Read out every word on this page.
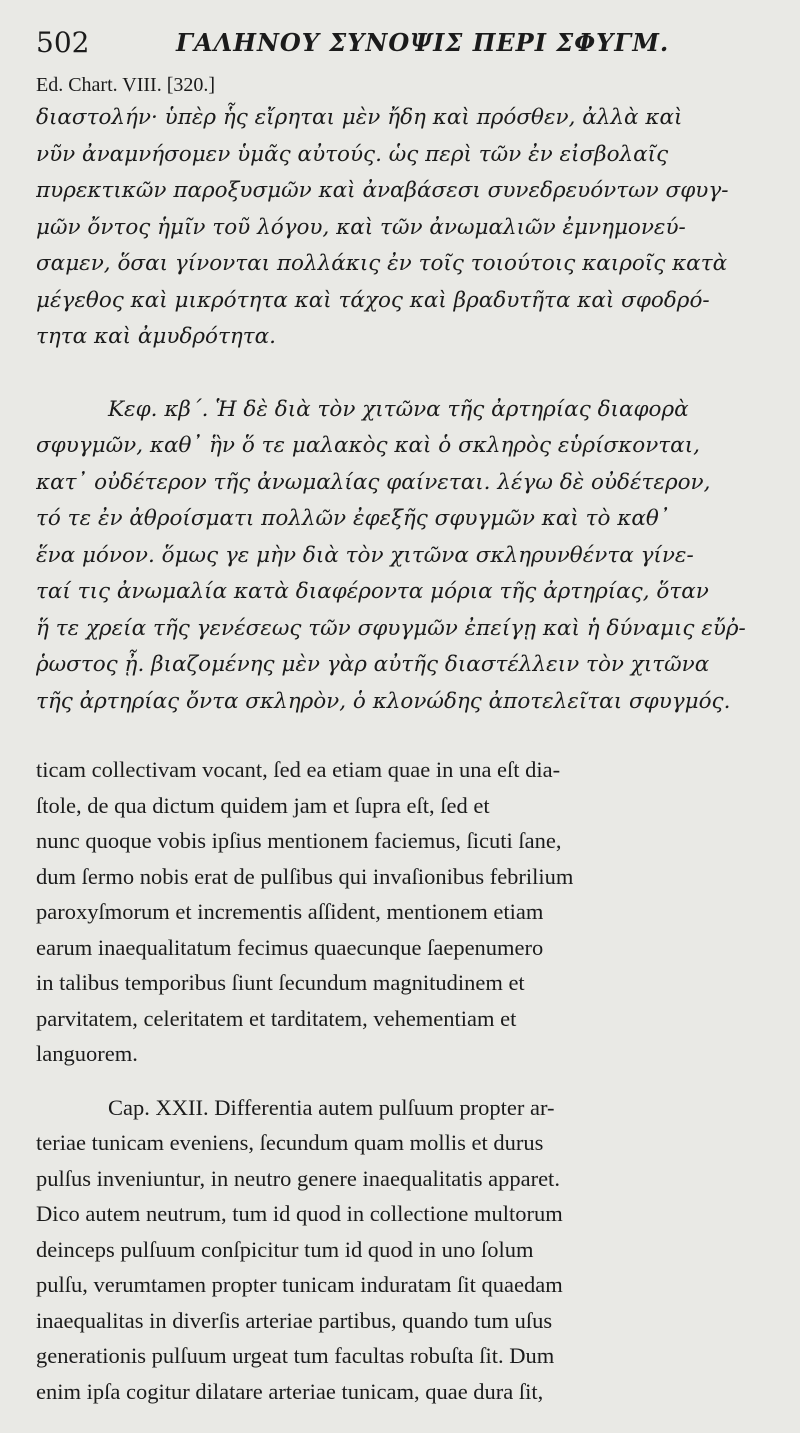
502	ΓΑΛΗΝΟΥ ΣΥΝΟΨΙΣ ΠΕΡΙ ΣΦΥΓΜ.
Ed. Chart. VIII. [320.]
διαστολήν· ὑπὲρ ἧς εἴρηται μὲν ἤδη καὶ πρόσθεν, ἀλλὰ καὶ
νῦν ἀναμνήσομεν ὑμᾶς αὐτούς. ὡς περὶ τῶν ἐν εἰσβολαῖς
πυρεκτικῶν παροξυσμῶν καὶ ἀναβάσεσι συνεδρευόντων σφυγ-
μῶν ὄντος ἡμῖν τοῦ λόγου, καὶ τῶν ἀνωμαλιῶν ἐμνημονεύ-
σαμεν, ὅσαι γίνονται πολλάκις ἐν τοῖς τοιούτοις καιροῖς κατὰ
μέγεθος καὶ μικρότητα καὶ τάχος καὶ βραδυτῆτα καὶ σφοδρό-
τητα καὶ ἀμυδρότητα.
Κεφ. κβ΄. Ἡ δὲ διὰ τὸν χιτῶνα τῆς ἀρτηρίας διαφορὰ
σφυγμῶν, καθ᾽ ἣν ὅ τε μαλακὸς καὶ ὁ σκληρὸς εὑρίσκονται,
κατ᾽ οὐδέτερον τῆς ἀνωμαλίας φαίνεται. λέγω δὲ οὐδέτερον,
τό τε ἐν ἀθροίσματι πολλῶν ἐφεξῆς σφυγμῶν καὶ τὸ καθ᾽
ἕνα μόνον. ὅμως γε μὴν διὰ τὸν χιτῶνα σκληρυνθέντα γίνε-
ταί τις ἀνωμαλία κατὰ διαφέροντα μόρια τῆς ἀρτηρίας, ὅταν
ἥ τε χρεία τῆς γενέσεως τῶν σφυγμῶν ἐπείγῃ καὶ ἡ δύναμις εὔῤ-
ῥωστος ᾖ. βιαζομένης μὲν γὰρ αὐτῆς διαστέλλειν τὸν χιτῶνα
τῆς ἀρτηρίας ὄντα σκληρὸν, ὁ κλονώδης ἀποτελεῖται σφυγμός.
ticam collectivam vocant, ſed ea etiam quae in una eſt dia-
ſtole, de qua dictum quidem jam et ſupra eſt, ſed et
nunc quoque vobis ipſius mentionem faciemus, ſicuti ſane,
dum ſermo nobis erat de pulſibus qui invaſionibus febrilium
paroxyſmorum et incrementis aſſident, mentionem etiam
earum inaequalitatum fecimus quaecunque ſaepenumero
in talibus temporibus ſiunt ſecundum magnitudinem et
parvitatem, celeritatem et tarditatem, vehementiam et
languorem.
Cap. XXII. Differentia autem pulſuum propter ar-
teriae tunicam eveniens, ſecundum quam mollis et durus
pulſus inveniuntur, in neutro genere inaequalitatis apparet.
Dico autem neutrum, tum id quod in collectione multorum
deinceps pulſuum conſpicitur tum id quod in uno ſolum
pulſu, verumtamen propter tunicam induratam ſit quaedam
inaequalitas in diverſis arteriae partibus, quando tum uſus
generationis pulſuum urgeat tum facultas robuſta ſit. Dum
enim ipſa cogitur dilatare arteriae tunicam, quae dura ſit,
